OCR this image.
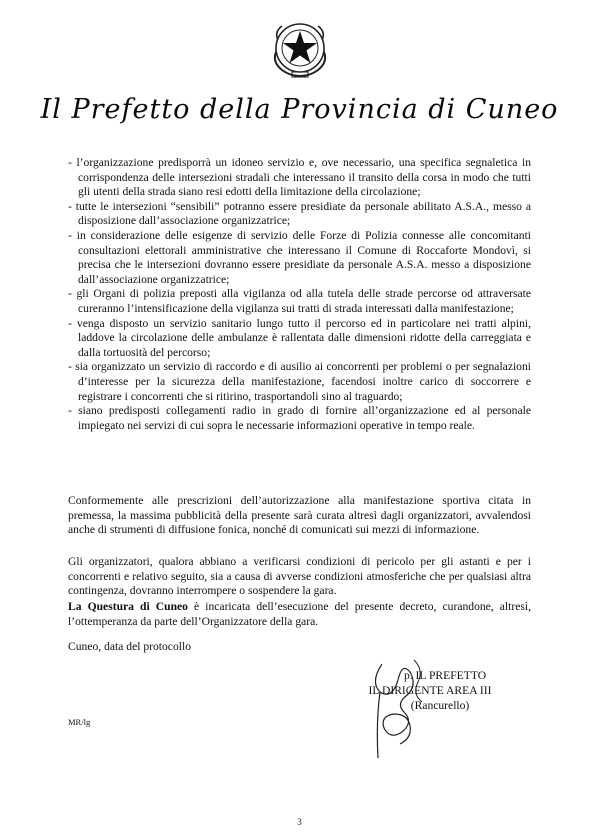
Il Prefetto della Provincia di Cuneo
- l’organizzazione predisporrà un idoneo servizio e, ove necessario, una specifica segnaletica in corrispondenza delle intersezioni stradali che interessano il transito della corsa in modo che tutti gli utenti della strada siano resi edotti della limitazione della circolazione;
- tutte le intersezioni “sensibili” potranno essere presidiate da personale abilitato A.S.A., messo a disposizione dall’associazione organizzatrice;
- in considerazione delle esigenze di servizio delle Forze di Polizia connesse alle concomitanti consultazioni elettorali amministrative che interessano il Comune di Roccaforte Mondovì, si precisa che le intersezioni dovranno essere presidiate da personale A.S.A. messo a disposizione dall’associazione organizzatrice;
- gli Organi di polizia preposti alla vigilanza od alla tutela delle strade percorse od attraversate cureranno l’intensificazione della vigilanza sui tratti di strada interessati dalla manifestazione;
- venga disposto un servizio sanitario lungo tutto il percorso ed in particolare nei tratti alpini, laddove la circolazione delle ambulanze è rallentata dalle dimensioni ridotte della carreggiata e dalla tortuosità del percorso;
- sia organizzato un servizio di raccordo e di ausilio ai concorrenti per problemi o per segnalazioni d’interesse per la sicurezza della manifestazione, facendosi inoltre carico di soccorrere e registrare i concorrenti che si ritirino, trasportandoli sino al traguardo;
- siano predisposti collegamenti radio in grado di fornire all’organizzazione ed al personale impiegato nei servizi di cui sopra le necessarie informazioni operative in tempo reale.

Conformemente alle prescrizioni dell’autorizzazione alla manifestazione sportiva citata in premessa, la massima pubblicità della presente sarà curata altresì dagli organizzatori, avvalendosi anche di strumenti di diffusione fonica, nonché di comunicati sui mezzi di informazione.

Gli organizzatori, qualora abbiano a verificarsi condizioni di pericolo per gli astanti e per i concorrenti e relativo seguito, sia a causa di avverse condizioni atmosferiche che per qualsiasi altra contingenza, dovranno interrompere o sospendere la gara.

La Questura di Cuneo è incaricata dell’esecuzione del presente decreto, curandone, altresì, l’ottemperanza da parte dell’Organizzatore della gara.

Cuneo, data del protocollo
p. IL PREFETTO
IL DIRIGENTE AREA III
(Rancurello)
MR/lg
3
